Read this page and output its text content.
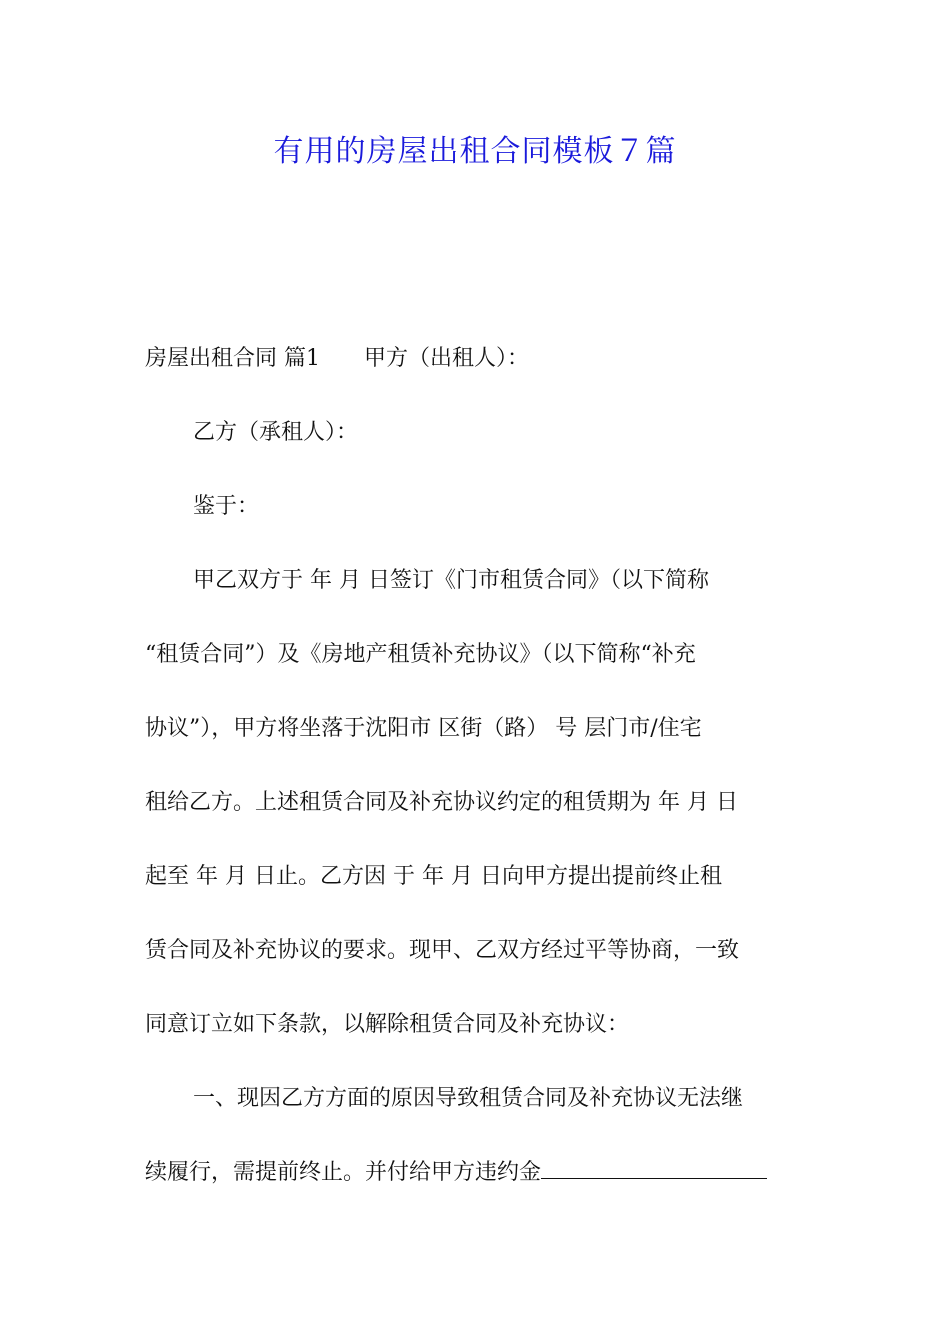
有用的房屋出租合同模板７篇
房屋出租合同 篇1 甲方（出租人）：
乙方（承租人）：
鉴于：
甲乙双方于 年 月 日签订《门市租赁合同》（以下简称
“租赁合同”）及《房地产租赁补充协议》（以下简称“补充
协议”），甲方将坐落于沈阳市 区街（路） 号 层门市/住宅
租给乙方。上述租赁合同及补充协议约定的租赁期为 年 月 日
起至 年 月 日止。乙方因 于 年 月 日向甲方提出提前终止租
赁合同及补充协议的要求。现甲、乙双方经过平等协商，一致
同意订立如下条款，以解除租赁合同及补充协议：
一、现因乙方方面的原因导致租赁合同及补充协议无法继
续履行，需提前终止。并付给甲方违约金
